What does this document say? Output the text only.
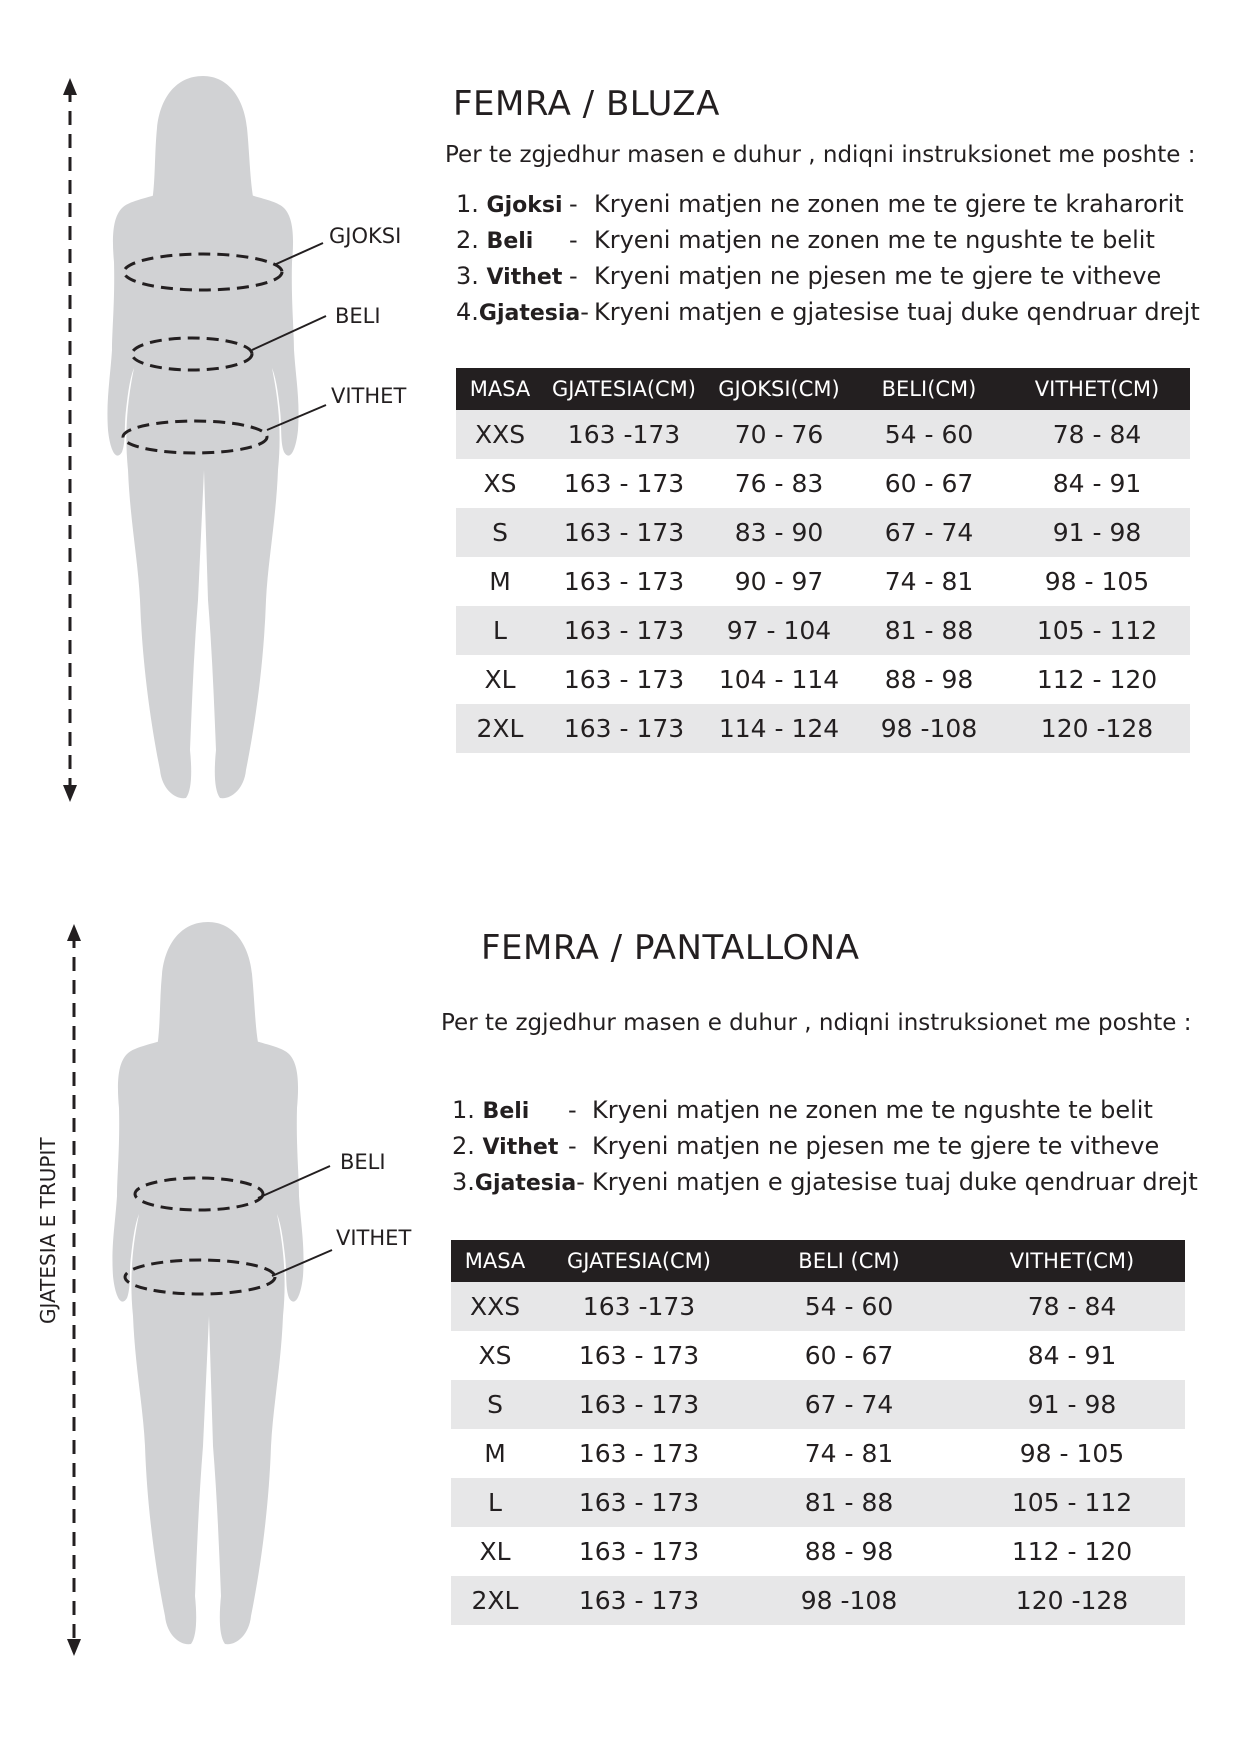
GJOKSI
BELI
VITHET
FEMRA / BLUZA
Per te zgjedhur masen e duhur , ndiqni instruksionet me poshte :
1. Gjoksi - Kryeni matjen ne zonen me te gjere te kraharorit
2. Beli - Kryeni matjen ne zonen me te ngushte te belit
3. Vithet - Kryeni matjen ne pjesen me te gjere te vitheve
4.Gjatesia- Kryeni matjen e gjatesise tuaj duke qendruar drejt
MASA	GJATESIA(CM)	GJOKSI(CM)	BELI(CM)	VITHET(CM)
XXS	163 -173	70 - 76	54 - 60	78 - 84
XS	163 - 173	76 - 83	60 - 67	84 - 91
S	163 - 173	83 - 90	67 - 74	91 - 98
M	163 - 173	90 - 97	74 - 81	98 - 105
L	163 - 173	97 - 104	81 - 88	105 - 112
XL	163 - 173	104 - 114	88 - 98	112 - 120
2XL	163 - 173	114 - 124	98 -108	120 -128
GJATESIA E TRUPIT	BELI
VITHET
FEMRA / PANTALLONA
Per te zgjedhur masen e duhur , ndiqni instruksionet me poshte :
1. Beli - Kryeni matjen ne zonen me te ngushte te belit
2. Vithet - Kryeni matjen ne pjesen me te gjere te vitheve
3.Gjatesia- Kryeni matjen e gjatesise tuaj duke qendruar drejt
MASA	GJATESIA(CM)	BELI (CM)	VITHET(CM)
XXS	163 -173	54 - 60	78 - 84
XS	163 - 173	60 - 67	84 - 91
S	163 - 173	67 - 74	91 - 98
M	163 - 173	74 - 81	98 - 105
L	163 - 173	81 - 88	105 - 112
XL	163 - 173	88 - 98	112 - 120
2XL	163 - 173	98 -108	120 -128
